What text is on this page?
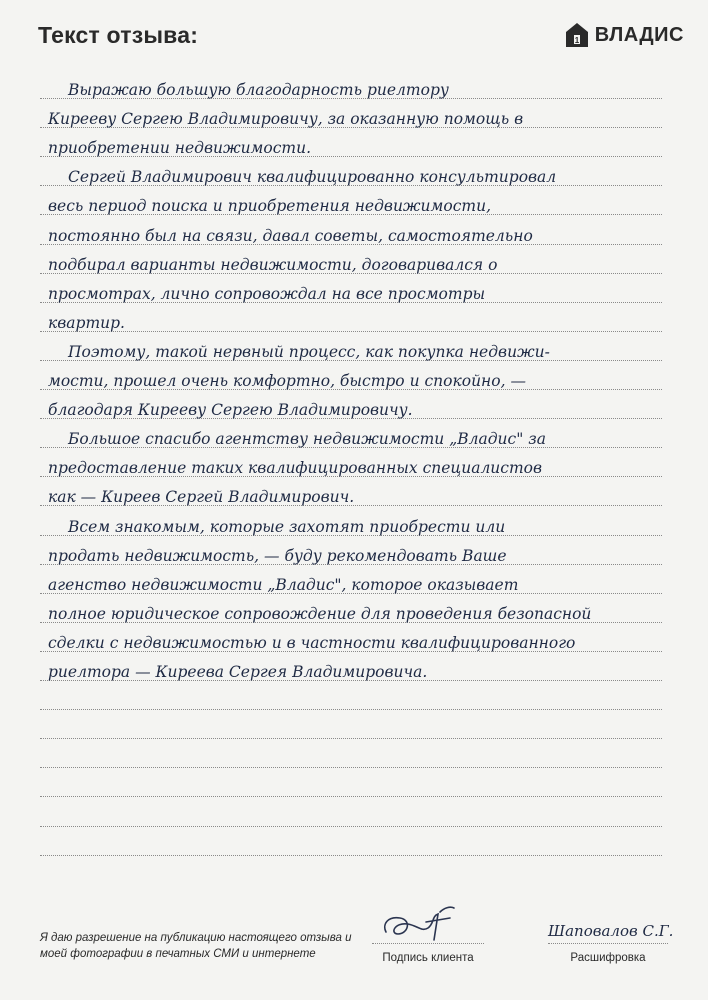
Текст отзыва:	1 ВЛАДИС
Выражаю большую благодарность риелтору
Кирееву Сергею Владимировичу, за оказанную помощь в
приобретении недвижимости.
Сергей Владимирович квалифицированно консультировал
весь период поиска и приобретения недвижимости,
постоянно был на связи, давал советы, самостоятельно
подбирал варианты недвижимости, договаривался о
просмотрах, лично сопровождал на все просмотры
квартир.
Поэтому, такой нервный процесс, как покупка недвижи-
мости, прошел очень комфортно, быстро и спокойно, —
благодаря Кирееву Сергею Владимировичу.
Большое спасибо агентству недвижимости „Владис" за
предоставление таких квалифицированных специалистов
как — Киреев Сергей Владимирович.
Всем знакомым, которые захотят приобрести или
продать недвижимость, — буду рекомендовать Ваше
агенство недвижимости „Владис", которое оказывает
полное юридическое сопровождение для проведения безопасной
сделки с недвижимостью и в частности квалифицированного
риелтора — Киреева Сергея Владимировича.
Я даю разрешение на публикацию настоящего отзыва и моей фотографии в печатных СМИ и интернете	Подпись клиента
Шаповалов С.Г.
Расшифровка
